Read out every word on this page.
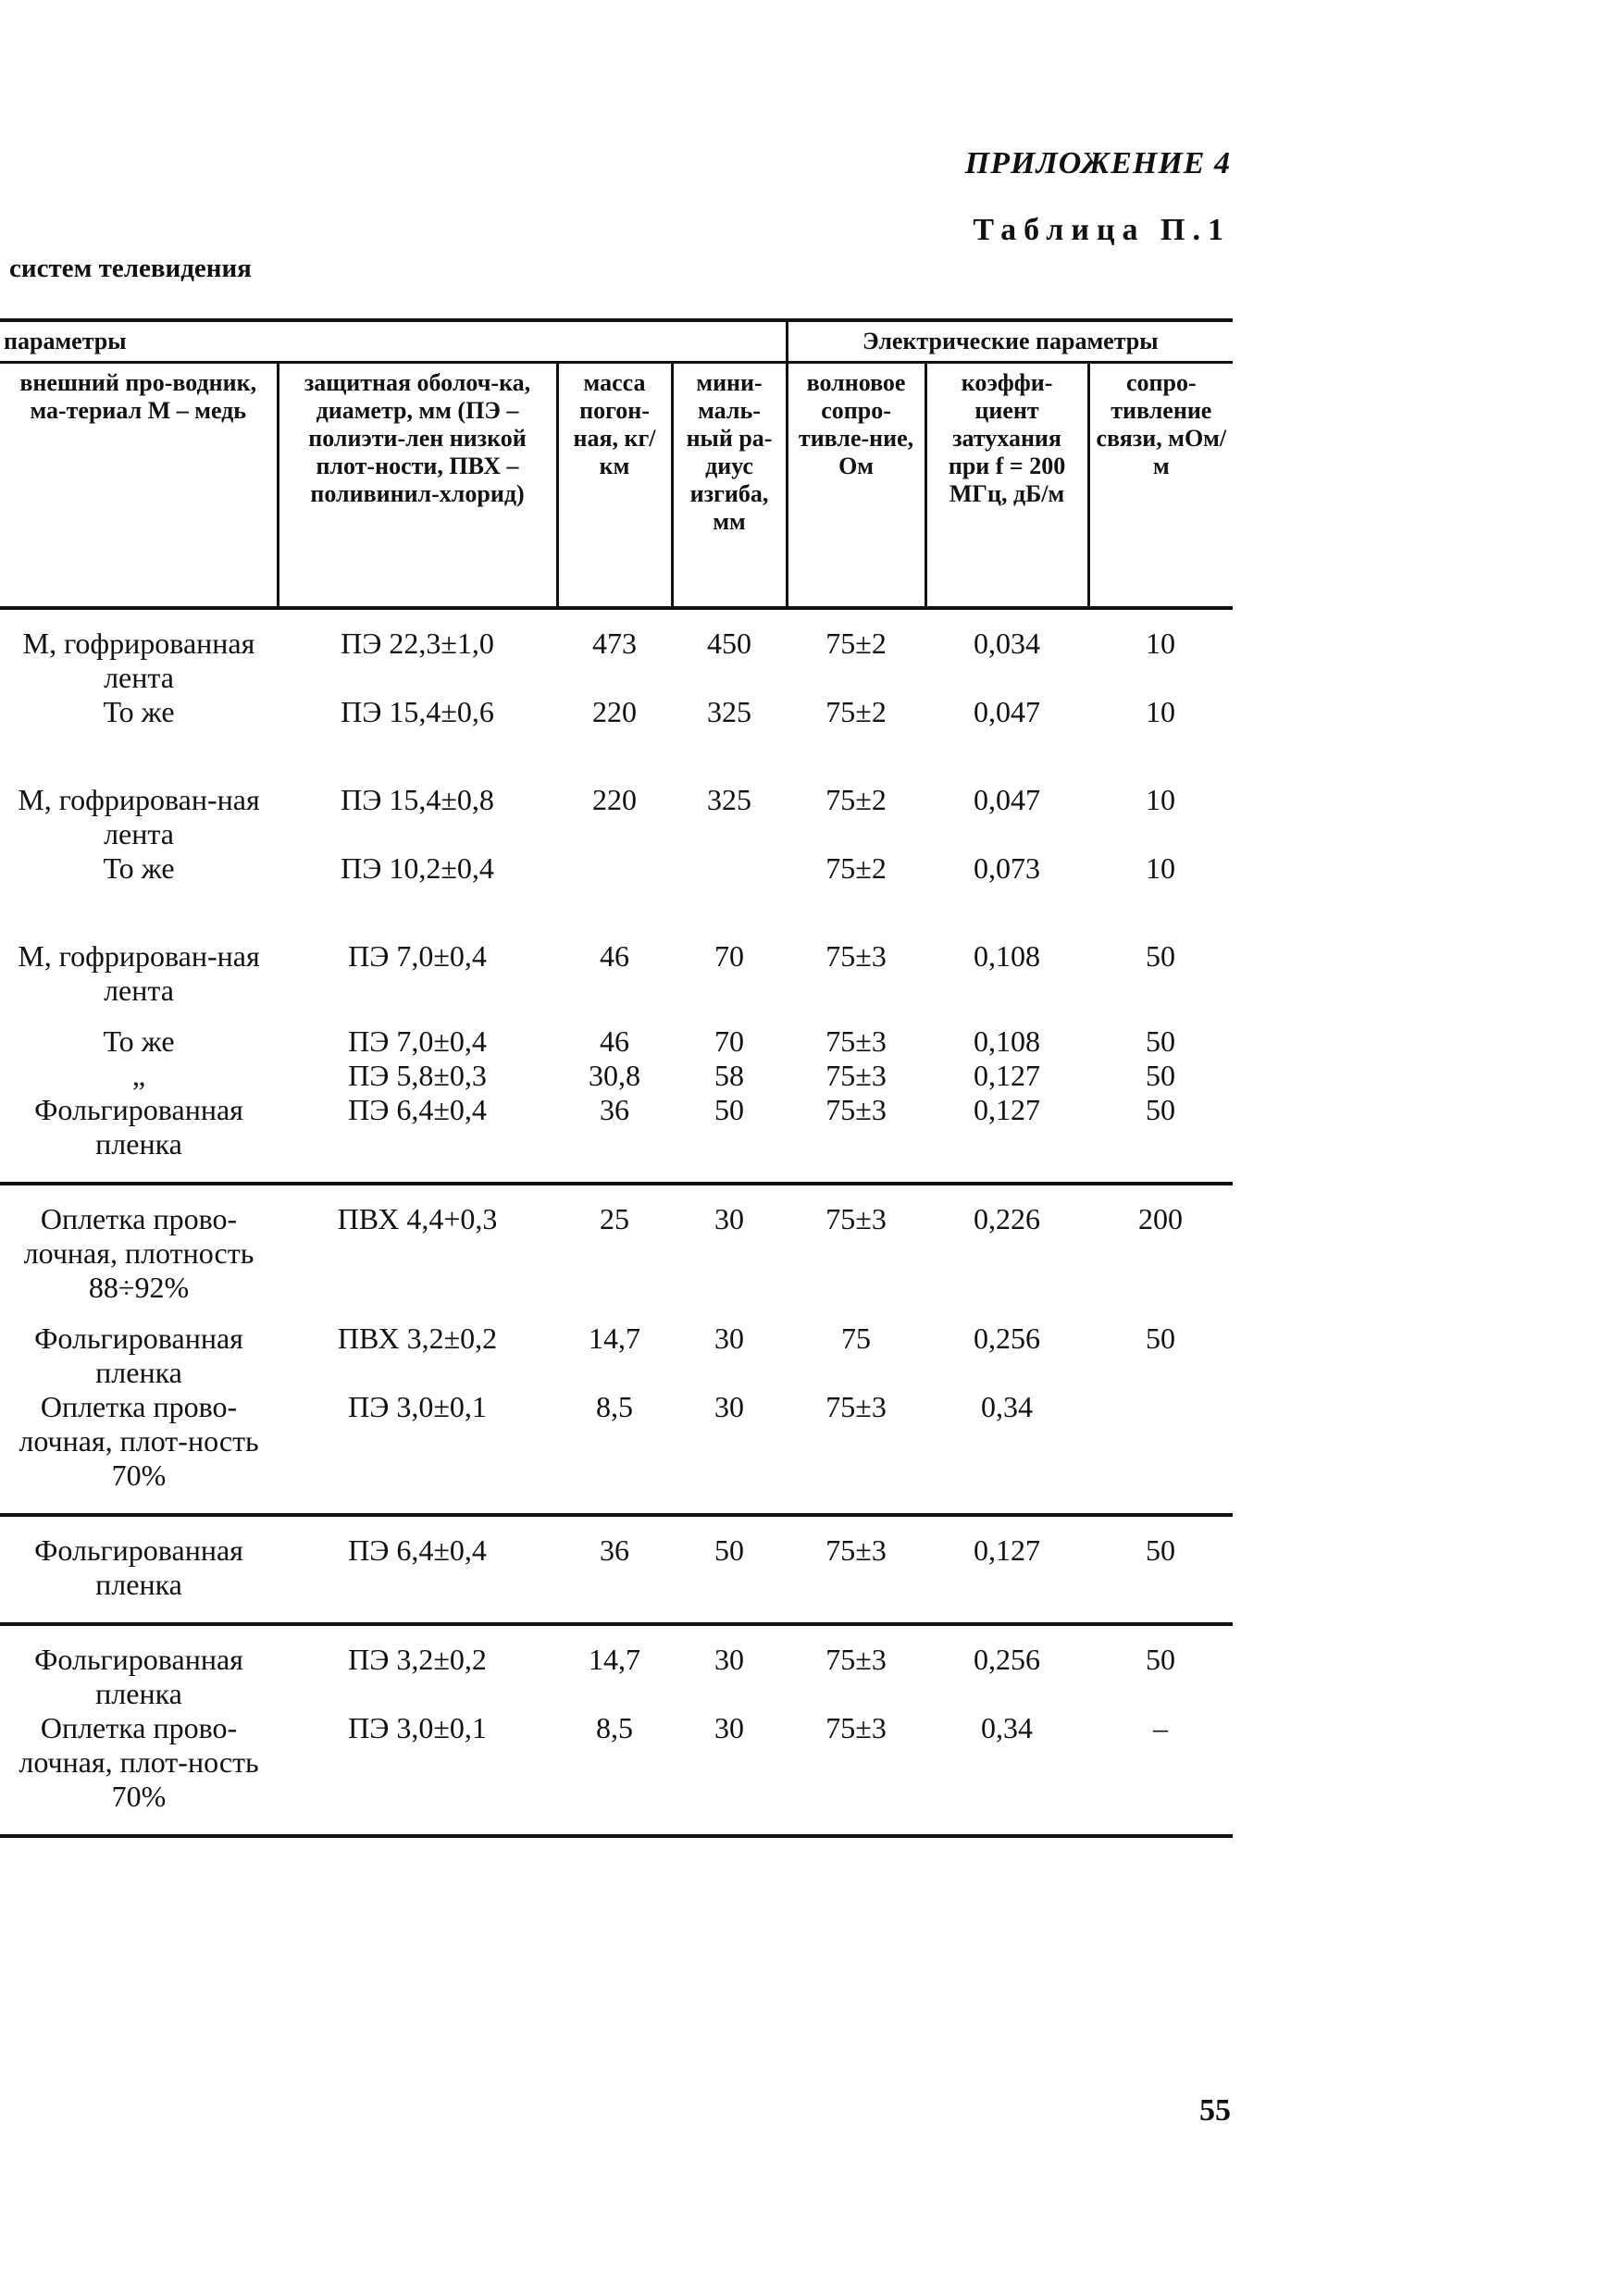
ПРИЛОЖЕНИЕ 4
Таблица П.1
систем телевидения
параметры				Электрические параметры		
внешний про-водник, ма-териал М – медь	защитная оболоч-ка, диаметр, мм (ПЭ – полиэти-лен низкой плот-ности, ПВХ – поливинил-хлорид)	масса погон-ная, кг/ км	мини-маль-ный ра-диус изгиба, мм	волновое сопро-тивле-ние, Ом	коэффи-циент затухания при f = 200 МГц, дБ/м	сопро-тивление связи, мОм/м

М, гофрированная лента	ПЭ 22,3±1,0	473	450	75±2	0,034	10
То же	ПЭ 15,4±0,6	220	325	75±2	0,047	10

М, гофрирован-ная лента	ПЭ 15,4±0,8	220	325	75±2	0,047	10
То же	ПЭ 10,2±0,4			75±2	0,073	10

М, гофрирован-ная лента	ПЭ 7,0±0,4	46	70	75±3	0,108	50

То же	ПЭ 7,0±0,4	46	70	75±3	0,108	50
„	ПЭ 5,8±0,3	30,8	58	75±3	0,127	50
Фольгированная пленка	ПЭ 6,4±0,4	36	50	75±3	0,127	50

Оплетка прово-лочная, плотность 88÷92%	ПВХ 4,4+0,3	25	30	75±3	0,226	200

Фольгированная пленка	ПВХ 3,2±0,2	14,7	30	75	0,256	50
Оплетка прово-лочная, плот-ность 70%	ПЭ 3,0±0,1	8,5	30	75±3	0,34	

Фольгированная пленка	ПЭ 6,4±0,4	36	50	75±3	0,127	50

Фольгированная пленка	ПЭ 3,2±0,2	14,7	30	75±3	0,256	50
Оплетка прово-лочная, плот-ность 70%	ПЭ 3,0±0,1	8,5	30	75±3	0,34	–

55
